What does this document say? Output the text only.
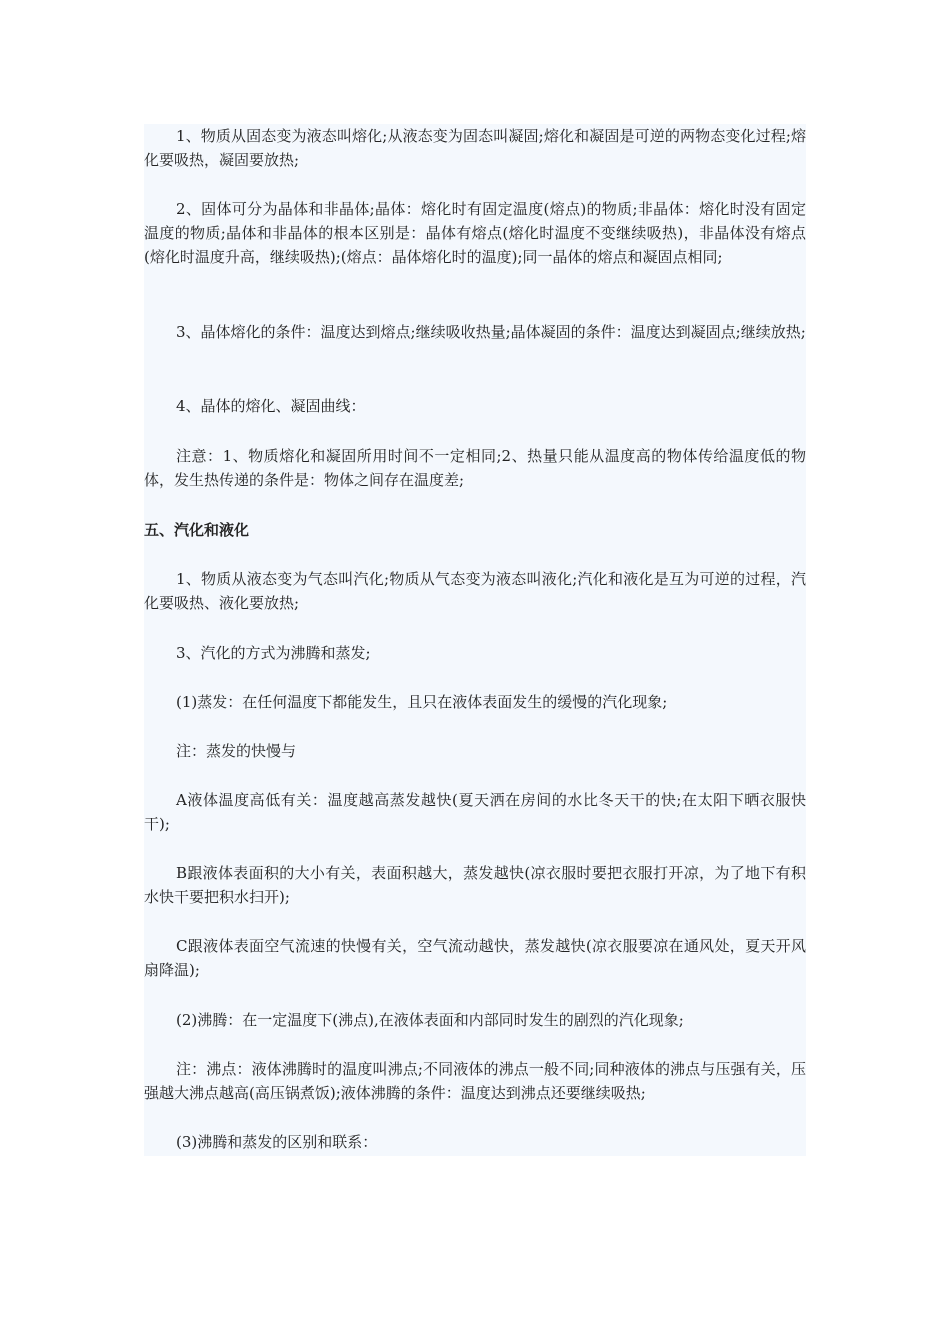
1、物质从固态变为液态叫熔化;从液态变为固态叫凝固;熔化和凝固是可逆的两物态变化过程;熔化要吸热，凝固要放热;

2、固体可分为晶体和非晶体;晶体：熔化时有固定温度(熔点)的物质;非晶体：熔化时没有固定温度的物质;晶体和非晶体的根本区别是：晶体有熔点(熔化时温度不变继续吸热)，非晶体没有熔点(熔化时温度升高，继续吸热);(熔点：晶体熔化时的温度);同一晶体的熔点和凝固点相同;

3、晶体熔化的条件：温度达到熔点;继续吸收热量;晶体凝固的条件：温度达到凝固点;继续放热;

4、晶体的熔化、凝固曲线：

注意：1、物质熔化和凝固所用时间不一定相同;2、热量只能从温度高的物体传给温度低的物体，发生热传递的条件是：物体之间存在温度差;

五、汽化和液化

1、物质从液态变为气态叫汽化;物质从气态变为液态叫液化;汽化和液化是互为可逆的过程，汽化要吸热、液化要放热;

3、汽化的方式为沸腾和蒸发;

(1)蒸发：在任何温度下都能发生，且只在液体表面发生的缓慢的汽化现象;

注：蒸发的快慢与

A液体温度高低有关：温度越高蒸发越快(夏天洒在房间的水比冬天干的快;在太阳下晒衣服快干);

B跟液体表面积的大小有关，表面积越大，蒸发越快(凉衣服时要把衣服打开凉，为了地下有积水快干要把积水扫开);

C跟液体表面空气流速的快慢有关，空气流动越快，蒸发越快(凉衣服要凉在通风处，夏天开风扇降温);

(2)沸腾：在一定温度下(沸点),在液体表面和内部同时发生的剧烈的汽化现象;

注：沸点：液体沸腾时的温度叫沸点;不同液体的沸点一般不同;同种液体的沸点与压强有关，压强越大沸点越高(高压锅煮饭);液体沸腾的条件：温度达到沸点还要继续吸热;

(3)沸腾和蒸发的区别和联系：
